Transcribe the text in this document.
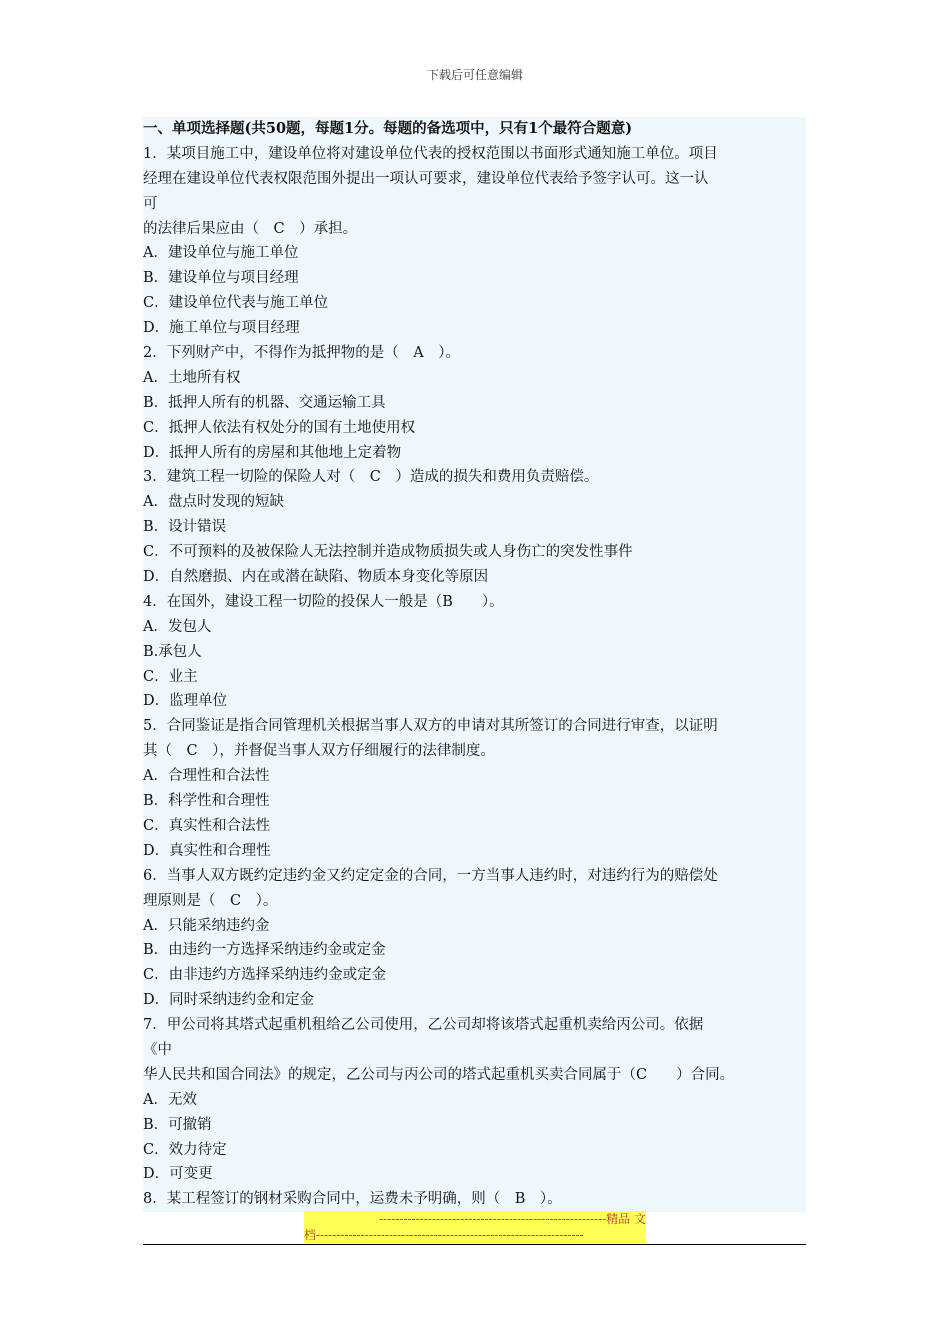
下载后可任意编辑
一、单项选择题(共50题，每题1分。每题的备选项中，只有1个最符合题意)
1．某项目施工中，建设单位将对建设单位代表的授权范围以书面形式通知施工单位。项目
经理在建设单位代表权限范围外提出一项认可要求，建设单位代表给予签字认可。这一认
可
的法律后果应由（　C　）承担。
A．建设单位与施工单位
B．建设单位与项目经理
C．建设单位代表与施工单位
D．施工单位与项目经理
2．下列财产中，不得作为抵押物的是（　A　）。
A．土地所有权
B．抵押人所有的机器、交通运输工具
C．抵押人依法有权处分的国有土地使用权
D．抵押人所有的房屋和其他地上定着物
3．建筑工程一切险的保险人对（　C　）造成的损失和费用负责赔偿。
A．盘点时发现的短缺
B．设计错误
C．不可预料的及被保险人无法控制并造成物质损失或人身伤亡的突发性事件
D．自然磨损、内在或潜在缺陷、物质本身变化等原因
4．在国外，建设工程一切险的投保人一般是（B　　）。
A．发包人
B.承包人
C．业主
D．监理单位
5．合同鉴证是指合同管理机关根据当事人双方的申请对其所签订的合同进行审查，以证明
其（　C　），并督促当事人双方仔细履行的法律制度。
A．合理性和合法性
B．科学性和合理性
C．真实性和合法性
D．真实性和合理性
6．当事人双方既约定违约金又约定定金的合同，一方当事人违约时，对违约行为的赔偿处
理原则是（　C　）。
A．只能采纳违约金
B．由违约一方选择采纳违约金或定金
C．由非违约方选择采纳违约金或定金
D．同时采纳违约金和定金
7．甲公司将其塔式起重机租给乙公司使用，乙公司却将该塔式起重机卖给丙公司。依据
《中
华人民共和国合同法》的规定，乙公司与丙公司的塔式起重机买卖合同属于（C　　）合同。
A．无效
B．可撤销
C．效力待定
D．可变更
8．某工程签订的钢材采购合同中，运费未予明确，则（　B　）。
--------------------------------------------------------精品 文
档------------------------------------------------------------------
